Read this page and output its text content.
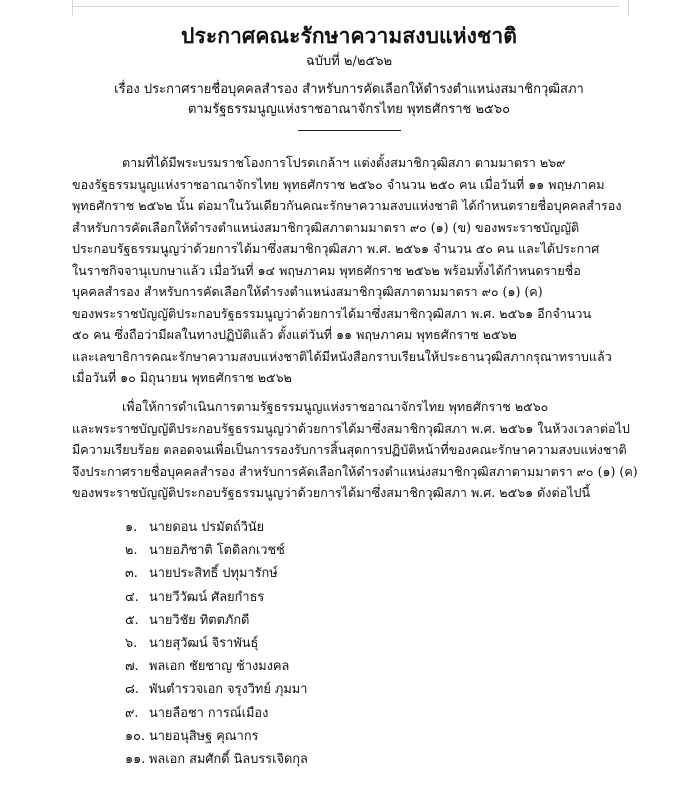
ประกาศคณะรักษาความสงบแห่งชาติ
ฉบับที่ ๒/๒๕๖๒
เรื่อง ประกาศรายชื่อบุคคลสำรอง สำหรับการคัดเลือกให้ดำรงตำแหน่งสมาชิกวุฒิสภา
ตามรัฐธรรมนูญแห่งราชอาณาจักรไทย พุทธศักราช ๒๕๖๐
ตามที่ได้มีพระบรมราชโองการโปรดเกล้าฯ แต่งตั้งสมาชิกวุฒิสภา ตามมาตรา ๒๖๙
ของรัฐธรรมนูญแห่งราชอาณาจักรไทย พุทธศักราช ๒๕๖๐ จำนวน ๒๕๐ คน เมื่อวันที่ ๑๑ พฤษภาคม
พุทธศักราช ๒๕๖๒ นั้น ต่อมาในวันเดียวกันคณะรักษาความสงบแห่งชาติ ได้กำหนดรายชื่อบุคคลสำรอง
สำหรับการคัดเลือกให้ดำรงตำแหน่งสมาชิกวุฒิสภาตามมาตรา ๙๐ (๑) (ข) ของพระราชบัญญัติ
ประกอบรัฐธรรมนูญว่าด้วยการได้มาซึ่งสมาชิกวุฒิสภา พ.ศ. ๒๕๖๑ จำนวน ๕๐ คน และได้ประกาศ
ในราชกิจจานุเบกษาแล้ว เมื่อวันที่ ๑๔ พฤษภาคม พุทธศักราช ๒๕๖๒ พร้อมทั้งได้กำหนดรายชื่อ
บุคคลสำรอง สำหรับการคัดเลือกให้ดำรงตำแหน่งสมาชิกวุฒิสภาตามมาตรา ๙๐ (๑) (ค)
ของพระราชบัญญัติประกอบรัฐธรรมนูญว่าด้วยการได้มาซึ่งสมาชิกวุฒิสภา พ.ศ. ๒๕๖๑ อีกจำนวน
๕๐ คน ซึ่งถือว่ามีผลในทางปฏิบัติแล้ว ตั้งแต่วันที่ ๑๑ พฤษภาคม พุทธศักราช ๒๕๖๒
และเลขาธิการคณะรักษาความสงบแห่งชาติได้มีหนังสือกราบเรียนให้ประธานวุฒิสภากรุณาทราบแล้ว
เมื่อวันที่ ๑๐ มิถุนายน พุทธศักราช ๒๕๖๒
เพื่อให้การดำเนินการตามรัฐธรรมนูญแห่งราชอาณาจักรไทย พุทธศักราช ๒๕๖๐
และพระราชบัญญัติประกอบรัฐธรรมนูญว่าด้วยการได้มาซึ่งสมาชิกวุฒิสภา พ.ศ. ๒๕๖๑ ในห้วงเวลาต่อไป
มีความเรียบร้อย ตลอดจนเพื่อเป็นการรองรับการสิ้นสุดการปฏิบัติหน้าที่ของคณะรักษาความสงบแห่งชาติ
จึงประกาศรายชื่อบุคคลสำรอง สำหรับการคัดเลือกให้ดำรงตำแหน่งสมาชิกวุฒิสภาตามมาตรา ๙๐ (๑) (ค)
ของพระราชบัญญัติประกอบรัฐธรรมนูญว่าด้วยการได้มาซึ่งสมาชิกวุฒิสภา พ.ศ. ๒๕๖๑ ดังต่อไปนี้
๑. นายดอน ปรมัตถ์วินัย
๒. นายอภิชาติ โตดิลกเวชช์
๓. นายประสิทธิ์ ปทุมารักษ์
๔. นายวีวัฒน์ ศัลยกำธร
๕. นายวิชัย ทิตตภักดี
๖. นายสุวัฒน์ จิราพันธุ์
๗. พลเอก ชัยชาญ ช้างมงคล
๘. พันตำรวจเอก จรุงวิทย์ ภุมมา
๙. นายลือชา การณ์เมือง
๑๐. นายอนุสิษฐ คุณากร
๑๑. พลเอก สมศักดิ์ นิลบรรเจิดกุล
